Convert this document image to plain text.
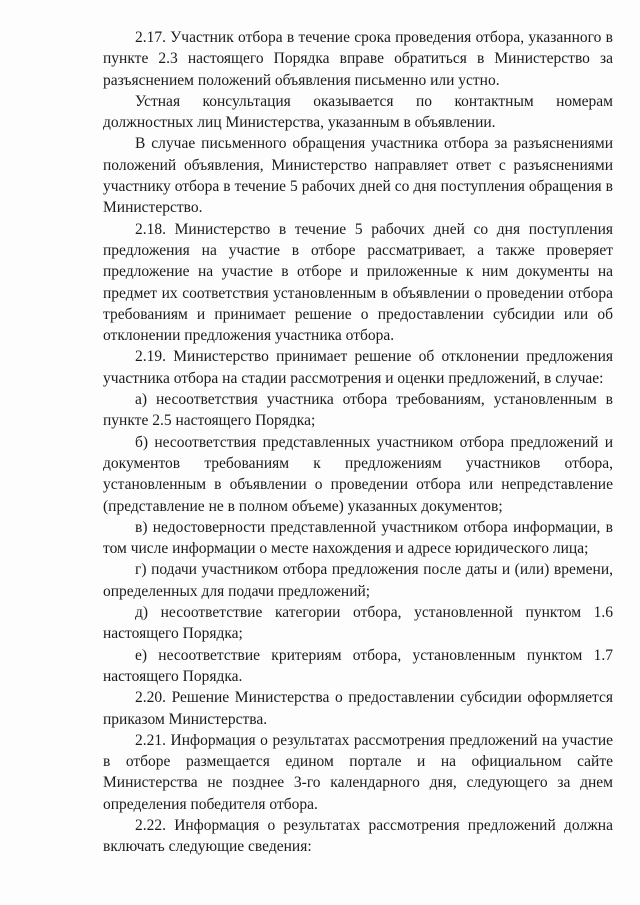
2.17. Участник отбора в течение срока проведения отбора, указанного в пункте 2.3 настоящего Порядка вправе обратиться в Министерство за разъяснением положений объявления письменно или устно.

Устная консультация оказывается по контактным номерам должностных лиц Министерства, указанным в объявлении.

В случае письменного обращения участника отбора за разъяснениями положений объявления, Министерство направляет ответ с разъяснениями участнику отбора в течение 5 рабочих дней со дня поступления обращения в Министерство.

2.18. Министерство в течение 5 рабочих дней со дня поступления предложения на участие в отборе рассматривает, а также проверяет предложение на участие в отборе и приложенные к ним документы на предмет их соответствия установленным в объявлении о проведении отбора требованиям и принимает решение о предоставлении субсидии или об отклонении предложения участника отбора.

2.19. Министерство принимает решение об отклонении предложения участника отбора на стадии рассмотрения и оценки предложений, в случае:

а) несоответствия участника отбора требованиям, установленным в пункте 2.5 настоящего Порядка;

б) несоответствия представленных участником отбора предложений и документов требованиям к предложениям участников отбора, установленным в объявлении о проведении отбора или непредставление (представление не в полном объеме) указанных документов;

в) недостоверности представленной участником отбора информации, в том числе информации о месте нахождения и адресе юридического лица;

г) подачи участником отбора предложения после даты и (или) времени, определенных для подачи предложений;

д) несоответствие категории отбора, установленной пунктом 1.6 настоящего Порядка;

е) несоответствие критериям отбора, установленным пунктом 1.7 настоящего Порядка.

2.20. Решение Министерства о предоставлении субсидии оформляется приказом Министерства.

2.21. Информация о результатах рассмотрения предложений на участие в отборе размещается едином портале и на официальном сайте Министерства не позднее 3-го календарного дня, следующего за днем определения победителя отбора.

2.22. Информация о результатах рассмотрения предложений должна включать следующие сведения:
